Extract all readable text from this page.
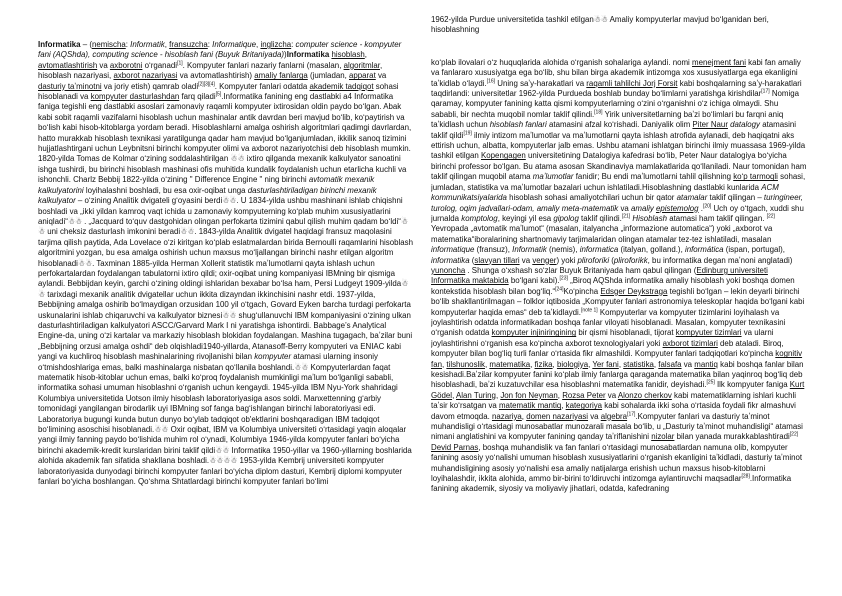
Informatika – (nemischa: Informatik, fransuzcha: Informatique, inglizcha: computer science - kompyuter fani (AQShda), computing science - hisoblash fani (Buyuk Britaniyada))Informatika hisoblash, avtomatlashtirish va axborotni oʻrganadi[1]. Kompyuter fanlari nazariy fanlarni (masalan, algoritmlar, hisoblash nazariyasi, axborot nazariyasi va avtomatlashtirish) amaliy fanlarga (jumladan, apparat va dasturiy taʼminotni va joriy etish) qamrab oladi[2][3][4]. Kompyuter fanlari odatda akademik tadqiqot sohasi hisoblanadi va kompyuter dasturlashdan farq qiladi[5].Informatika fanining eng dastlabki a4 Informatika faniga tegishli eng dastlabki asoslari zamonaviy raqamli kompyuter ixtirosidan oldin paydo boʻlgan. Abak kabi sobit raqamli vazifalarni hisoblash uchun mashinalar antik davrdan beri mavjud boʻlib, koʻpaytirish va boʻlish kabi hisob-kitoblarga yordam beradi. Hisoblashlarni amalga oshirish algoritmlari qadimgi davrlardan, hatto murakkab hisoblash texnikasi yaratilgunga qadar ham mavjud boʻlganjumladan, ikkilik sanoq tizimini hujjatlashtirgani uchun Leybnitsni birinchi kompyuter olimi va axborot nazariyotchisi deb hisoblash mumkin. 1820-yilda Tomas de Kolmar oʻzining soddalashtirilgan ☃☃ ixtiro qilganda mexanik kalkulyator sanoatini ishga tushirdi, bu birinchi hisoblash mashinasi ofis muhitida kundalik foydalanish uchun etarlicha kuchli va ishonchli. Charlz Bebbij 1822-yilda oʻzining " Difference Engine " ning birinchi avtomatik mexanik kalkulyatorini loyihalashni boshladi, bu esa oxir-oqibat unga dasturlashtiriladigan birinchi mexanik kalkulyator – oʻzining Analitik dvigateli gʻoyasini berdi☃☃. U 1834-yilda ushbu mashinani ishlab chiqishni boshladi va „ikki yildan kamroq vaqt ichida u zamonaviy kompyuterning koʻplab muhim xususiyatlarini aniqladi“☃☃ . „Jacquard toʻquv dastgohidan olingan perfokarta tizimini qabul qilish muhim qadam boʻldi“☃☃ uni cheksiz dasturlash imkonini beradi☃☃. 1843-yilda Analitik dvigatel haqidagi fransuz maqolasini tarjima qilish paytida, Ada Lovelace oʻzi kiritgan koʻplab eslatmalardan birida Bernoulli raqamlarini hisoblash algoritmini yozgan, bu esa amalga oshirish uchun maxsus moʻljallangan birinchi nashr etilgan algoritm hisoblanadi☃☃. Taxminan 1885-yilda Herman Xollerit statistik maʼlumotlarni qayta ishlash uchun perfokartalardan foydalangan tabulatorni ixtiro qildi; oxir-oqibat uning kompaniyasi IBMning bir qismiga aylandi. Bebbijdan keyin, garchi oʻzining oldingi ishlaridan bexabar boʻlsa ham, Persi Ludgeyt 1909-yilda☃☃ tarixdagi mexanik analitik dvigatellar uchun ikkita dizayndan ikkinchisini nashr etdi. 1937-yilda, Bebbijning amalga oshirib boʻlmaydigan orzusidan 100 yil oʻtgach, Govard Eyken barcha turdagi perfokarta uskunalarini ishlab chiqaruvchi va kalkulyator biznesi☃☃ shugʻullanuvchi IBM kompaniyasini oʻzining ulkan dasturlashtiriladigan kalkulyatori ASCC/Garvard Mark I ni yaratishga ishontirdi. Babbage’s Analytical Engine-da, uning oʻzi kartalar va markaziy hisoblash blokidan foydalangan. Mashina tugagach, baʼzilar buni „Bebbijning orzusi amalga oshdi“ deb olqishladi1940-yillarda, Atanasoff-Berry kompyuteri va ENIAC kabi yangi va kuchliroq hisoblash mashinalarining rivojlanishi bilan kompyuter atamasi ularning insoniy oʻtmishdoshlariga emas, balki mashinalarga nisbatan qoʻllanila boshlandi.☃☃ Kompyuterlardan faqat matematik hisob-kitoblar uchun emas, balki koʻproq foydalanish mumkinligi maʼlum boʻlganligi sababli, informatika sohasi umuman hisoblashni oʻrganish uchun kengaydi. 1945-yilda IBM Nyu-York shahridagi Kolumbiya universitetida Uotson ilmiy hisoblash laboratoriyasiga asos soldi. Manxettenning gʻarbiy tomonidagi yangilangan birodarlik uyi IBMning sof fanga bagʻishlangan birinchi laboratoriyasi edi. Laboratoriya bugungi kunda butun dunyo boʻylab tadqiqot ob'ektlarini boshqaradigan IBM tadqiqot boʻlimining asoschisi hisoblanadi.☃☃ Oxir oqibat, IBM va Kolumbiya universiteti oʻrtasidagi yaqin aloqalar yangi ilmiy fanning paydo boʻlishida muhim rol oʻynadi, Kolumbiya 1946-yilda kompyuter fanlari boʻyicha birinchi akademik-kredit kurslaridan birini taklif qildi☃☃ Informatika 1950-yillar va 1960-yillarning boshlarida alohida akademik fan sifatida shakllana boshladi.☃☃☃☃ 1953-yilda Kembrij universiteti kompyuter laboratoriyasida dunyodagi birinchi kompyuter fanlari boʻyicha diplom dasturi, Kembrij diplomi kompyuter fanlari boʻyicha boshlangan. Qoʻshma Shtatlardagi birinchi kompyuter fanlari boʻlimi

1962-yilda Purdue universitetida tashkil etilgan☃☃ Amaliy kompyuterlar mavjud boʻlganidan beri, hisoblashning

koʻplab ilovalari oʻz huquqlarida alohida oʻrganish sohalariga aylandi. nomi menejment fani kabi fan amaliy va fanlararo xususiyatga ega boʻlib, shu bilan birga akademik intizomga xos xususiyatlarga ega ekanligini taʼkidlab oʻlaydi.[16] Uning saʼy-harakatlari va raqamli tahlilchi Jorj Forsit kabi boshqalarning saʼy-harakatlari taqdirlandi: universitetlar 1962-yilda Purdueda boshlab bunday boʻlimlarni yaratishga kirishdilar[17] Nomiga qaramay, kompyuter fanining katta qismi kompyuterlarning oʻzini oʻrganishni oʻz ichiga olmaydi. Shu sababli, bir nechta muqobil nomlar taklif qilindi.[18] Yirik universitetlarning baʼzi boʻlimlari bu farqni aniq taʼkidlash uchun hisoblash fanlari atamasini afzal koʻrishadi. Daniyalik olim Piter Naur datalogy atamasini taklif qildi[19] ilmiy intizom maʼlumotlar va maʼlumotlarni qayta ishlash atrofida aylanadi, deb haqiqatni aks ettirish uchun, albatta, kompyuterlar jalb emas. Ushbu atamani ishlatgan birinchi ilmiy muassasa 1969-yilda tashkil etilgan Kopengagen universitetining Datalogiya kafedrasi boʻlib, Peter Naur datalogiya boʻyicha birinchi professor boʻlgan. Bu atama asosan Skandinaviya mamlakatlarida qoʻllaniladi. Naur tomonidan ham taklif qilingan muqobil atama maʼlumotlar fanidir; Bu endi maʼlumotlarni tahlil qilishning koʻp tarmoqli sohasi, jumladan, statistika va maʼlumotlar bazalari uchun ishlatiladi.Hisoblashning dastlabki kunlarida ACM kommunikatsiyalarida hisoblash sohasi amaliyotchilari uchun bir qator atamalar taklif qilingan – turingineer, turolog, oqim jadvallari-odam, amaliy meta-matematik va amaliy epistemolog .[20] Uch oy oʻtgach, xuddi shu jurnalda komptolog, keyingi yil esa gipolog taklif qilindi.[21] Hisoblash atamasi ham taklif qilingan. [22] Yevropada „avtomatik maʼlumot“ (masalan, italyancha „informazione automatica“) yoki „axborot va matematika“iboralarining shartnomaviy tarjimalaridan olingan atamalar tez-tez ishlatiladi, masalan informatique (fransuz), Informatik (nemis), informatica (italyan, golland.), informática (ispan, portugal), informatika (slavyan tillari va venger) yoki pliroforiki (pliroforikk, bu informatika degan maʼnoni anglatadi) yunoncha . Shunga oʻxshash soʻzlar Buyuk Britaniyada ham qabul qilingan (Edinburg universiteti Informatika maktabida boʻlgani kabi).[23] „Biroq AQShda informatika amaliy hisoblash yoki boshqa domen kontekstida hisoblash bilan bogʻliq.“[24]Koʻpincha Edsger Deykstraga tegishli boʻlgan – lekin deyarli birinchi boʻlib shakllantirilmagan – folklor iqtibosida „Kompyuter fanlari astronomiya teleskoplar haqida boʻlgani kabi kompyuterlar haqida emas“ deb taʼkidlaydi.[note 1] Kompyuterlar va kompyuter tizimlarini loyihalash va joylashtirish odatda informatikadan boshqa fanlar viloyati hisoblanadi. Masalan, kompyuter texnikasini oʻrganish odatda kompyuter injiniringining bir qismi hisoblanadi, tijorat kompyuter tizimlari va ularni joylashtirishni oʻrganish esa koʻpincha axborot texnologiyalari yoki axborot tizimlari deb ataladi. Biroq, kompyuter bilan bogʻliq turli fanlar oʻrtasida fikr almashildi. Kompyuter fanlari tadqiqotlari koʻpincha kognitiv fan, tilshunoslik, matematika, fizika, biologiya, Yer fani, statistika, falsafa va mantiq kabi boshqa fanlar bilan kesishadi.Baʼzilar kompyuter fanini koʻplab ilmiy fanlarga qaraganda matematika bilan yaqinroq bogʻliq deb hisoblashadi, baʼzi kuzatuvchilar esa hisoblashni matematika fanidir, deyishadi.[25] Ilk kompyuter faniga Kurt Gödel, Alan Turing, Jon fon Neyman, Rozsa Peter va Alonzo cherkov kabi matematiklarning ishlari kuchli taʼsir koʻrsatgan va matematik mantiq, kategoriya kabi sohalarda ikki soha oʻrtasida foydali fikr almashuvi davom etmoqda. nazariya, domen nazariyasi va algebra[17].Kompyuter fanlari va dasturiy taʼminot muhandisligi oʻrtasidagi munosabatlar munozarali masala boʻlib, u „Dasturiy taʼminot muhandisligi“ atamasi nimani anglatishini va kompyuter fanining qanday taʼriflanishini nizolar bilan yanada murakkablashtiradi[22] Devid Parnas, boshqa muhandislik va fan fanlari oʻrtasidagi munosabatlardan namuna olib, kompyuter fanining asosiy yoʻnalishi umuman hisoblash xususiyatlarini oʻrganish ekanligini taʼkidladi, dasturiy taʼminot muhandisligining asosiy yoʻnalishi esa amaliy natijalarga erishish uchun maxsus hisob-kitoblarni loyihalashdir, ikkita alohida, ammo bir-birini toʻldiruvchi intizomga aylantiruvchi maqsadlar[28].Informatika fanining akademik, siyosiy va moliyaviy jihatlari, odatda, kafedraning
